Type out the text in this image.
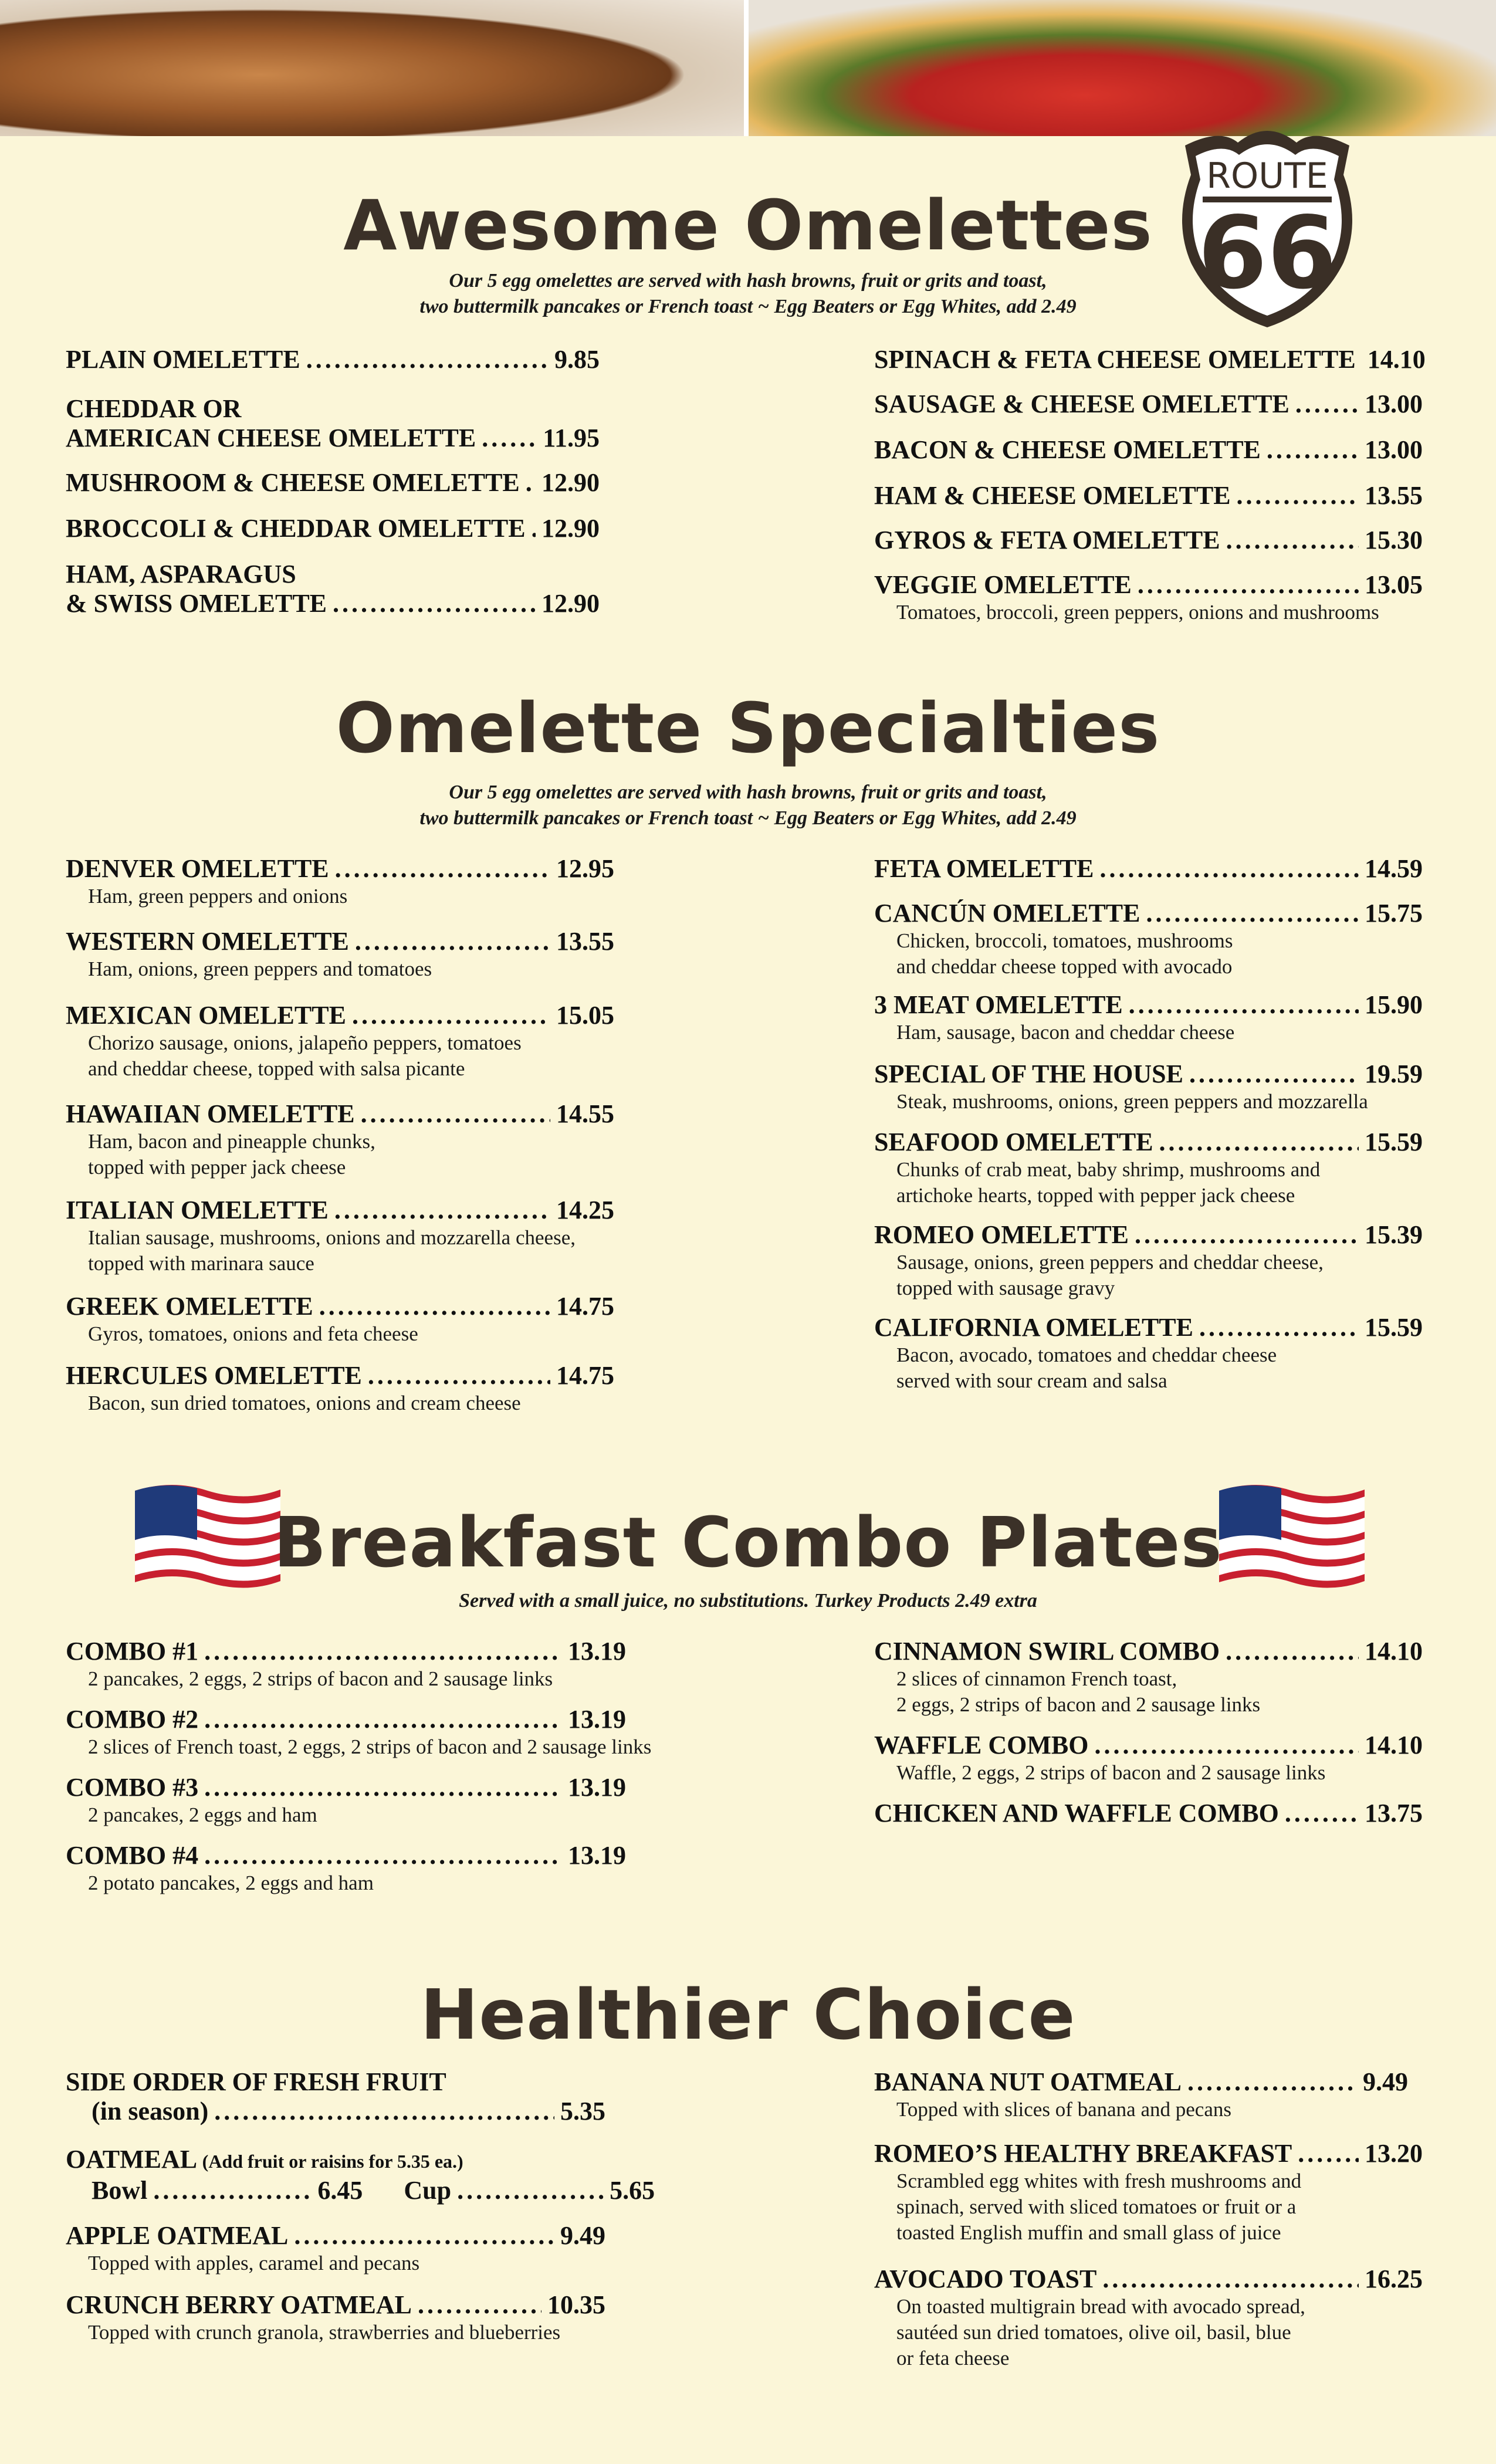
ROUTE
66
Awesome Omelettes
Our 5 egg omelettes are served with hash browns, fruit or grits and toast,
two buttermilk pancakes or French toast ~ Egg Beaters or Egg Whites, add 2.49
PLAIN OMELETTE . . .	9.85
CHEDDAR OR
AMERICAN CHEESE OMELETTE . . .	11.95
MUSHROOM & CHEESE OMELETTE . . . 12.90
BROCCOLI & CHEDDAR OMELETTE . . . 12.90
HAM, ASPARAGUS
& SWISS OMELETTE . . .	12.90
SPINACH & FETA CHEESE OMELETTE 14.10
SAUSAGE & CHEESE OMELETTE . . .	13.00
BACON & CHEESE OMELETTE . . .	13.00
HAM & CHEESE OMELETTE . . .	13.55
GYROS & FETA OMELETTE . . .	15.30
VEGGIE OMELETTE . . .	13.05
Tomatoes, broccoli, green peppers, onions and mushrooms
Omelette Specialties
Our 5 egg omelettes are served with hash browns, fruit or grits and toast,
two buttermilk pancakes or French toast ~ Egg Beaters or Egg Whites, add 2.49
DENVER OMELETTE . . .	12.95
Ham, green peppers and onions
WESTERN OMELETTE . . .	13.55
Ham, onions, green peppers and tomatoes
MEXICAN OMELETTE . . .	15.05
Chorizo sausage, onions, jalapeño peppers, tomatoes
and cheddar cheese, topped with salsa picante
HAWAIIAN OMELETTE . . .	14.55
Ham, bacon and pineapple chunks,
topped with pepper jack cheese
ITALIAN OMELETTE . . .	14.25
Italian sausage, mushrooms, onions and mozzarella cheese,
topped with marinara sauce
GREEK OMELETTE . . .	14.75
Gyros, tomatoes, onions and feta cheese
HERCULES OMELETTE . . .	14.75
Bacon, sun dried tomatoes, onions and cream cheese
FETA OMELETTE . . .	14.59
CANCÚN OMELETTE . . .	15.75
Chicken, broccoli, tomatoes, mushrooms
and cheddar cheese topped with avocado
3 MEAT OMELETTE . . .	15.90
Ham, sausage, bacon and cheddar cheese
SPECIAL OF THE HOUSE . . .	19.59
Steak, mushrooms, onions, green peppers and mozzarella
SEAFOOD OMELETTE . . .	15.59
Chunks of crab meat, baby shrimp, mushrooms and
artichoke hearts, topped with pepper jack cheese
ROMEO OMELETTE . . .	15.39
Sausage, onions, green peppers and cheddar cheese,
topped with sausage gravy
CALIFORNIA OMELETTE . . .	15.59
Bacon, avocado, tomatoes and cheddar cheese
served with sour cream and salsa
Breakfast Combo Plates
Served with a small juice, no substitutions. Turkey Products 2.49 extra
COMBO #1 . . .	13.19
2 pancakes, 2 eggs, 2 strips of bacon and 2 sausage links
COMBO #2 . . .	13.19
2 slices of French toast, 2 eggs, 2 strips of bacon and 2 sausage links
COMBO #3 . . .	13.19
2 pancakes, 2 eggs and ham
COMBO #4 . . .	13.19
2 potato pancakes, 2 eggs and ham
CINNAMON SWIRL COMBO . . .	14.10
2 slices of cinnamon French toast,
2 eggs, 2 strips of bacon and 2 sausage links
WAFFLE COMBO . . .	14.10
Waffle, 2 eggs, 2 strips of bacon and 2 sausage links
CHICKEN AND WAFFLE COMBO . . .	13.75
Healthier Choice
SIDE ORDER OF FRESH FRUIT
(in season) . . .	5.35
OATMEAL (Add fruit or raisins for 5.35 ea.)
Bowl . . .	6.45 Cup . . .	5.65
APPLE OATMEAL . . .	9.49
Topped with apples, caramel and pecans
CRUNCH BERRY OATMEAL . . .	10.35
Topped with crunch granola, strawberries and blueberries
BANANA NUT OATMEAL . . .	9.49
Topped with slices of banana and pecans
ROMEO’S HEALTHY BREAKFAST . . .	13.20
Scrambled egg whites with fresh mushrooms and
spinach, served with sliced tomatoes or fruit or a
toasted English muffin and small glass of juice
AVOCADO TOAST . . .	16.25
On toasted multigrain bread with avocado spread,
sautéed sun dried tomatoes, olive oil, basil, blue
or feta cheese
